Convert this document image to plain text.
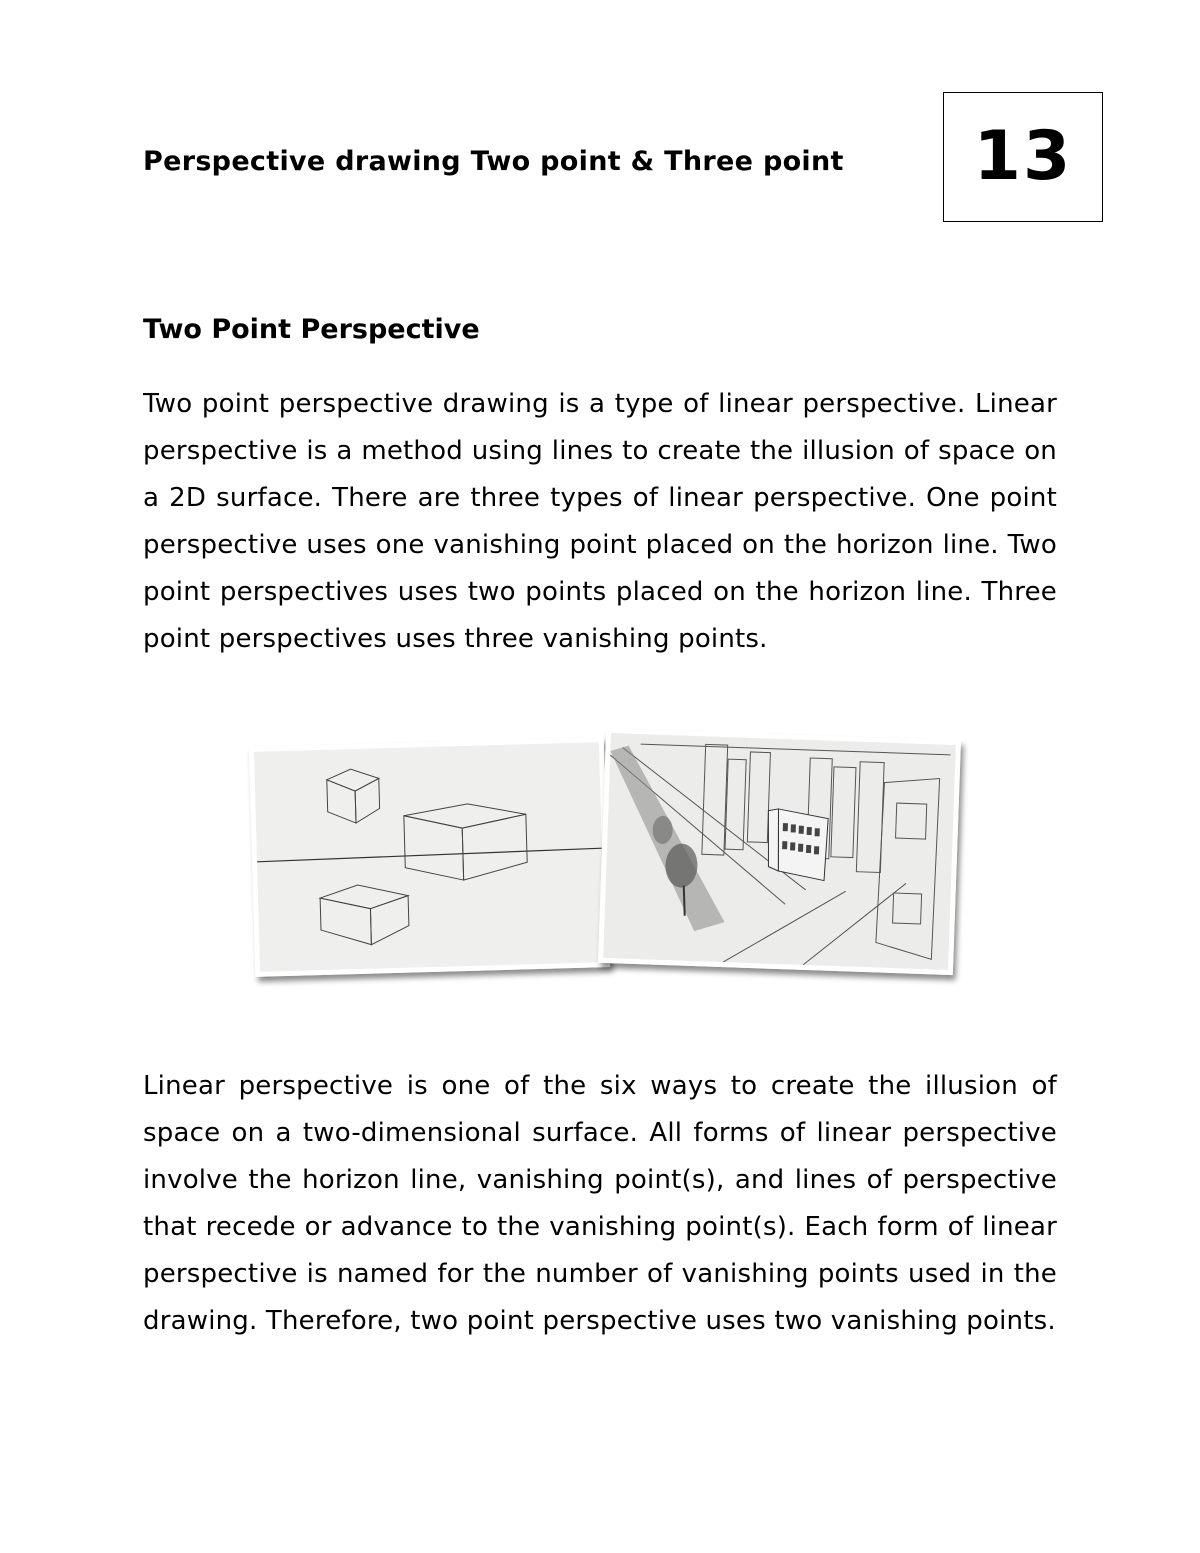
Perspective drawing Two point & Three point 13
Two Point Perspective

Two point perspective drawing is a type of linear perspective. Linear perspective is a method using lines to create the illusion of space on a 2D surface. There are three types of linear perspective. One point perspective uses one vanishing point placed on the horizon line. Two point perspectives uses two points placed on the horizon line. Three point perspectives uses three vanishing points.

Linear perspective is one of the six ways to create the illusion of space on a two-dimensional surface. All forms of linear perspective involve the horizon line, vanishing point(s), and lines of perspective that recede or advance to the vanishing point(s). Each form of linear perspective is named for the number of vanishing points used in the drawing. Therefore, two point perspective uses two vanishing points.
